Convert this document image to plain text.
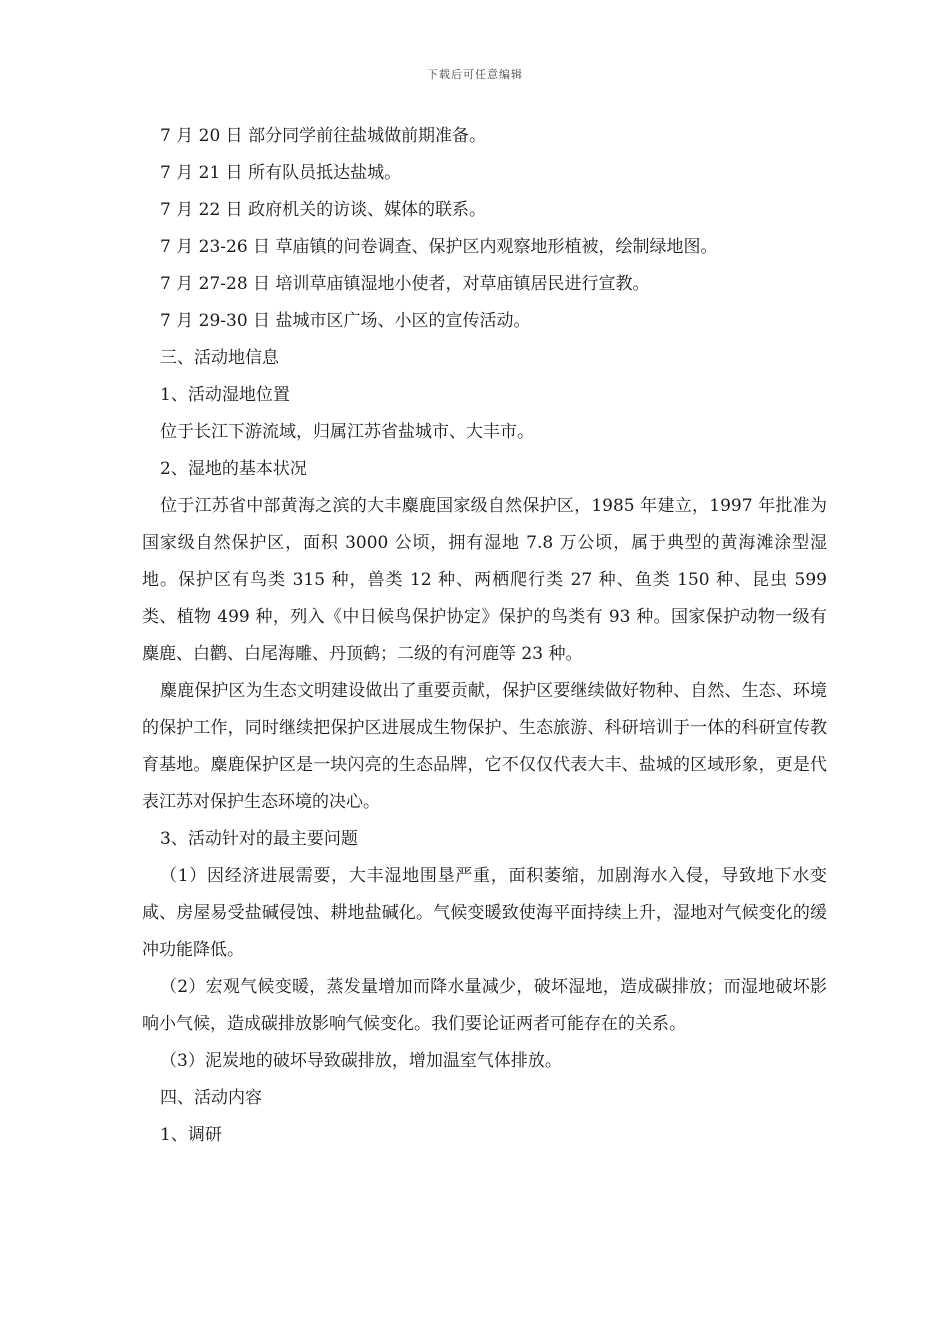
下载后可任意编辑

7 月 20 日 部分同学前往盐城做前期准备。

7 月 21 日 所有队员抵达盐城。

7 月 22 日 政府机关的访谈、媒体的联系。

7 月 23-26 日 草庙镇的问卷调查、保护区内观察地形植被，绘制绿地图。

7 月 27-28 日 培训草庙镇湿地小使者，对草庙镇居民进行宣教。

7 月 29-30 日 盐城市区广场、小区的宣传活动。

三、活动地信息

1、活动湿地位置

位于长江下游流域，归属江苏省盐城市、大丰市。

2、湿地的基本状况

位于江苏省中部黄海之滨的大丰麋鹿国家级自然保护区，1985 年建立，1997 年批准为国家级自然保护区，面积 3000 公顷，拥有湿地 7.8 万公顷，属于典型的黄海滩涂型湿地。保护区有鸟类 315 种，兽类 12 种、两栖爬行类 27 种、鱼类 150 种、昆虫 599 类、植物 499 种，列入《中日候鸟保护协定》保护的鸟类有 93 种。国家保护动物一级有麋鹿、白鹳、白尾海雕、丹顶鹤；二级的有河鹿等 23 种。

麋鹿保护区为生态文明建设做出了重要贡献，保护区要继续做好物种、自然、生态、环境的保护工作，同时继续把保护区进展成生物保护、生态旅游、科研培训于一体的科研宣传教育基地。麋鹿保护区是一块闪亮的生态品牌，它不仅仅代表大丰、盐城的区域形象，更是代表江苏对保护生态环境的决心。

3、活动针对的最主要问题

（1）因经济进展需要，大丰湿地围垦严重，面积萎缩，加剧海水入侵，导致地下水变咸、房屋易受盐碱侵蚀、耕地盐碱化。气候变暖致使海平面持续上升，湿地对气候变化的缓冲功能降低。

（2）宏观气候变暖，蒸发量增加而降水量减少，破坏湿地，造成碳排放；而湿地破坏影响小气候，造成碳排放影响气候变化。我们要论证两者可能存在的关系。

（3）泥炭地的破坏导致碳排放，增加温室气体排放。

四、活动内容

1、调研
